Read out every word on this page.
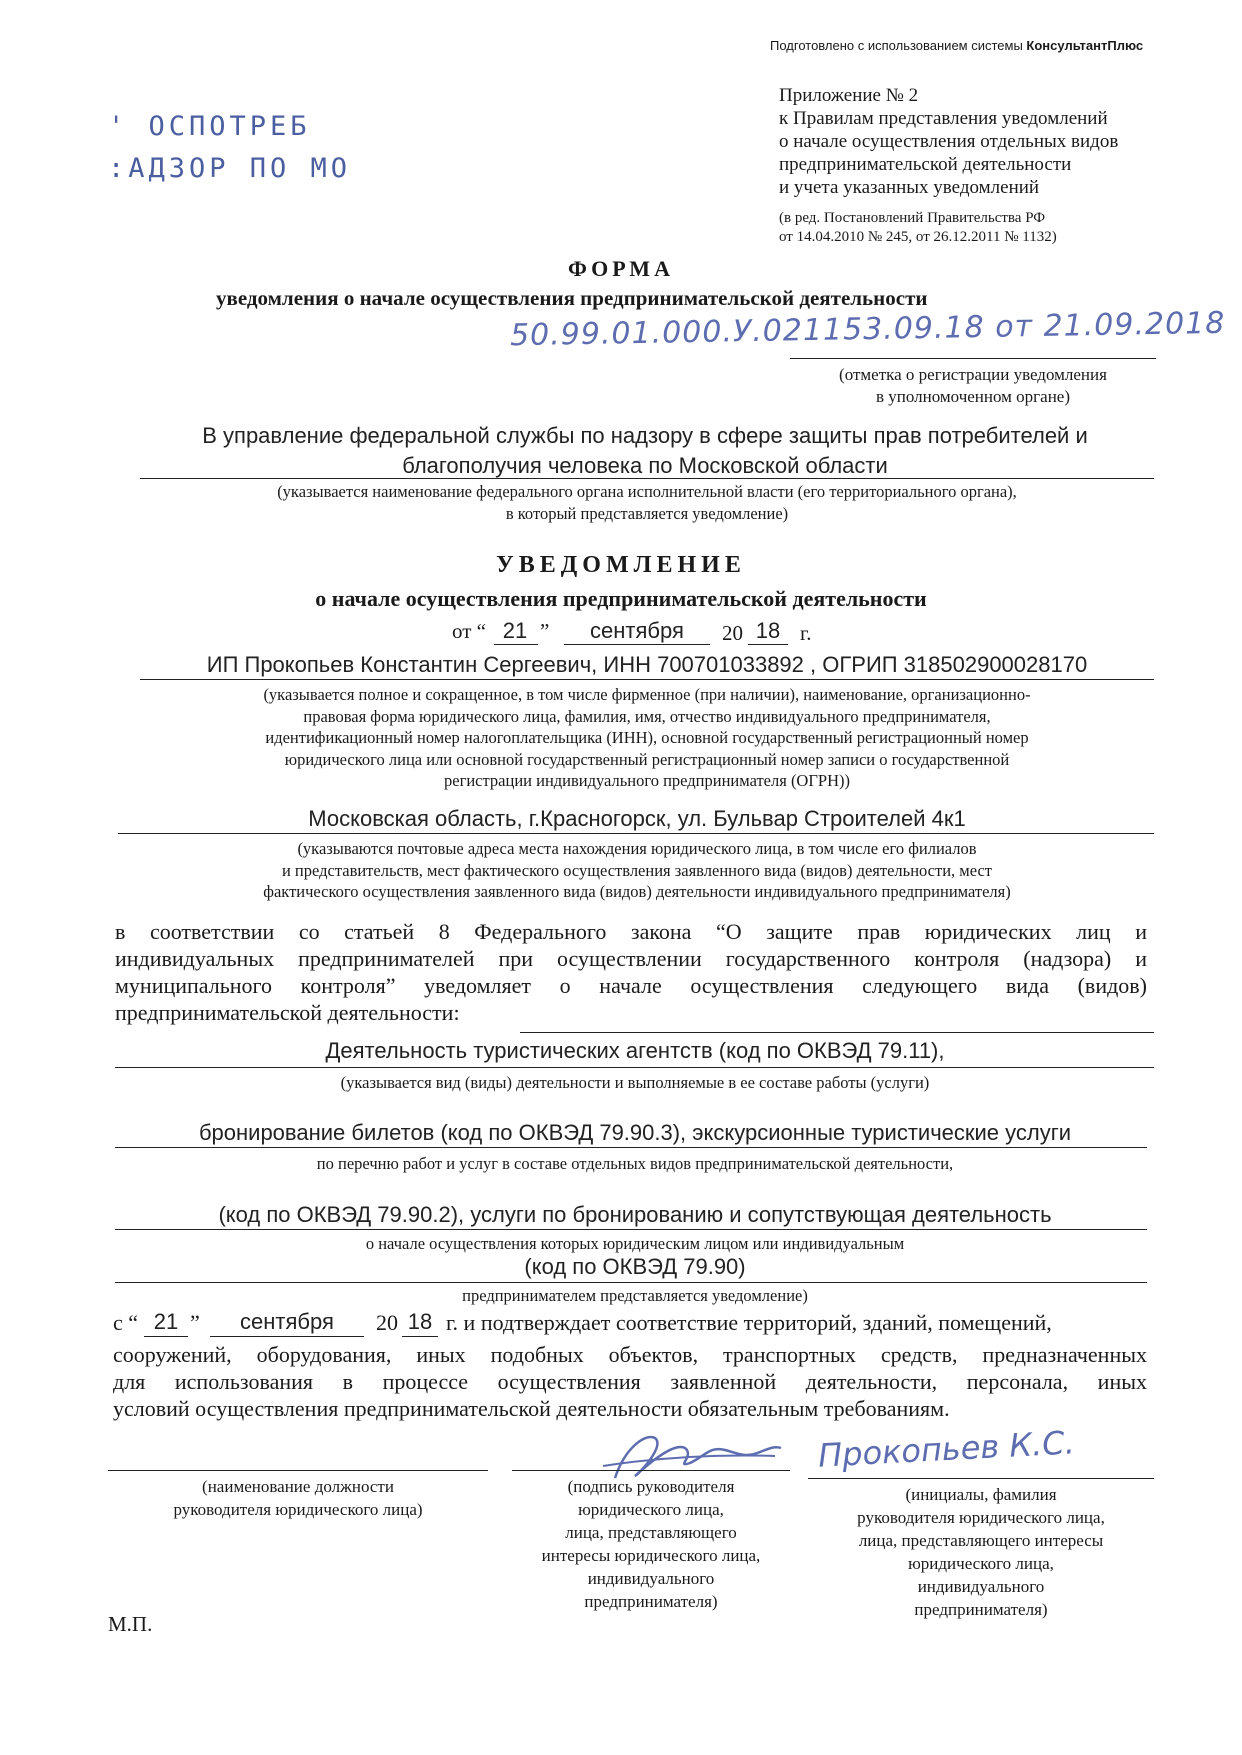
Подготовлено с использованием системы КонсультантПлюс
Приложение № 2
к Правилам представления уведомлений
о начале осуществления отдельных видов
предпринимательской деятельности
и учета указанных уведомлений
(в ред. Постановлений Правительства РФ
от 14.04.2010 № 245, от 26.12.2011 № 1132)
' ОСПОТРЕБ
:АДЗОР ПО МО
ФОРМА
уведомления о начале осуществления предпринимательской деятельности
50.99.01.000.У.021153.09.18 от 21.09.2018
(отметка о регистрации уведомления
в уполномоченном органе)
В управление федеральной службы по надзору в сфере защиты прав потребителей и
благополучия человека по Московской области
(указывается наименование федерального органа исполнительной власти (его территориального органа),
в который представляется уведомление)
УВЕДОМЛЕНИЕ
о начале осуществления предпринимательской деятельности
от “ 21 ”	сентября	20 18 г.
ИП Прокопьев Константин Сергеевич, ИНН 700701033892 , ОГРИП 318502900028170
(указывается полное и сокращенное, в том числе фирменное (при наличии), наименование, организационно-
правовая форма юридического лица, фамилия, имя, отчество индивидуального предпринимателя,
идентификационный номер налогоплательщика (ИНН), основной государственный регистрационный номер
юридического лица или основной государственный регистрационный номер записи о государственной
регистрации индивидуального предпринимателя (ОГРН))
Московская область, г.Красногорск, ул. Бульвар Строителей 4к1
(указываются почтовые адреса места нахождения юридического лица, в том числе его филиалов
и представительств, мест фактического осуществления заявленного вида (видов) деятельности, мест
фактического осуществления заявленного вида (видов) деятельности индивидуального предпринимателя)
в соответствии со статьей 8 Федерального закона “О защите прав юридических лиц и
индивидуальных предпринимателей при осуществлении государственного контроля (надзора) и
муниципального контроля” уведомляет о начале осуществления следующего вида (видов)
предпринимательской деятельности:
Деятельность туристических агентств (код по ОКВЭД 79.11),
(указывается вид (виды) деятельности и выполняемые в ее составе работы (услуги)
бронирование билетов (код по ОКВЭД 79.90.3), экскурсионные туристические услуги
по перечню работ и услуг в составе отдельных видов предпринимательской деятельности,
(код по ОКВЭД 79.90.2), услуги по бронированию и сопутствующая деятельность
о начале осуществления которых юридическим лицом или индивидуальным
(код по ОКВЭД 79.90)
предпринимателем представляется уведомление)
с “ 21 ”	сентября	20 18 г. и подтверждает соответствие территорий, зданий, помещений,
сооружений, оборудования, иных подобных объектов, транспортных средств, предназначенных
для использования в процессе осуществления заявленной деятельности, персонала, иных
условий осуществления предпринимательской деятельности обязательным требованиям.
(наименование должности
руководителя юридического лица)
(подпись руководителя
юридического лица,
лица, представляющего
интересы юридического лица,
индивидуального
предпринимателя)
Прокопьев К.С.
(инициалы, фамилия
руководителя юридического лица,
лица, представляющего интересы
юридического лица,
индивидуального
предпринимателя)
М.П.
